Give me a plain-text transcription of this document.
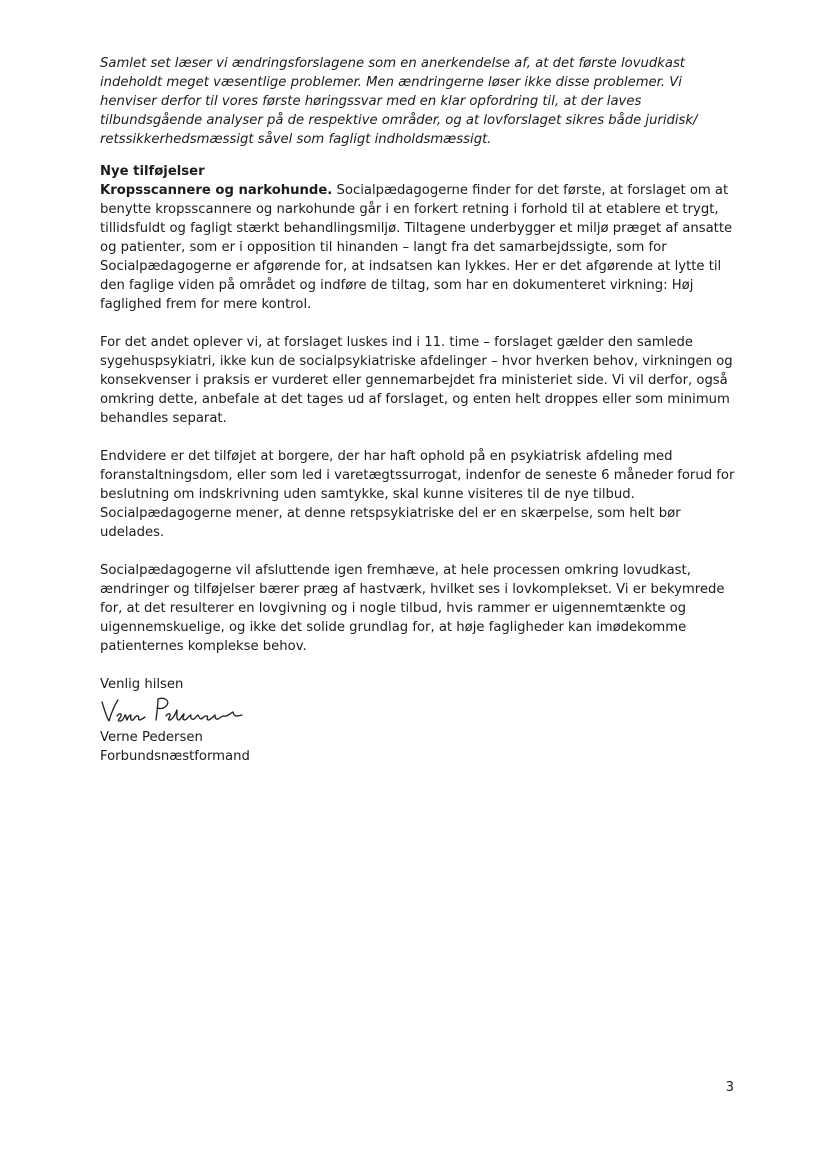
Samlet set læser vi ændringsforslagene som en anerkendelse af, at det første lovudkast indeholdt meget væsentlige problemer. Men ændringerne løser ikke disse problemer. Vi henviser derfor til vores første høringssvar med en klar opfordring til, at der laves tilbundsgående analyser på de respektive områder, og at lovforslaget sikres både juridisk/ retssikkerhedsmæssigt såvel som fagligt indholdsmæssigt.

Nye tilføjelser

Kropsscannere og narkohunde. Socialpædagogerne finder for det første, at forslaget om at benytte kropsscannere og narkohunde går i en forkert retning i forhold til at etablere et trygt, tillidsfuldt og fagligt stærkt behandlingsmiljø. Tiltagene underbygger et miljø præget af ansatte og patienter, som er i opposition til hinanden – langt fra det samarbejdssigte, som for Socialpædagogerne er afgørende for, at indsatsen kan lykkes. Her er det afgørende at lytte til den faglige viden på området og indføre de tiltag, som har en dokumenteret virkning: Høj faglighed frem for mere kontrol.

For det andet oplever vi, at forslaget luskes ind i 11. time – forslaget gælder den samlede sygehuspsykiatri, ikke kun de socialpsykiatriske afdelinger – hvor hverken behov, virkningen og konsekvenser i praksis er vurderet eller gennemarbejdet fra ministeriet side. Vi vil derfor, også omkring dette, anbefale at det tages ud af forslaget, og enten helt droppes eller som minimum behandles separat.

Endvidere er det tilføjet at borgere, der har haft ophold på en psykiatrisk afdeling med foranstaltningsdom, eller som led i varetægtssurrogat, indenfor de seneste 6 måneder forud for beslutning om indskrivning uden samtykke, skal kunne visiteres til de nye tilbud. Socialpædagogerne mener, at denne retspsykiatriske del er en skærpelse, som helt bør udelades.

Socialpædagogerne vil afsluttende igen fremhæve, at hele processen omkring lovudkast, ændringer og tilføjelser bærer præg af hastværk, hvilket ses i lovkomplekset. Vi er bekymrede for, at det resulterer en lovgivning og i nogle tilbud, hvis rammer er uigennemtænkte og uigennemskuelige, og ikke det solide grundlag for, at høje fagligheder kan imødekomme patienternes komplekse behov.

Venlig hilsen

Verne Pedersen

Forbundsnæstformand

3
